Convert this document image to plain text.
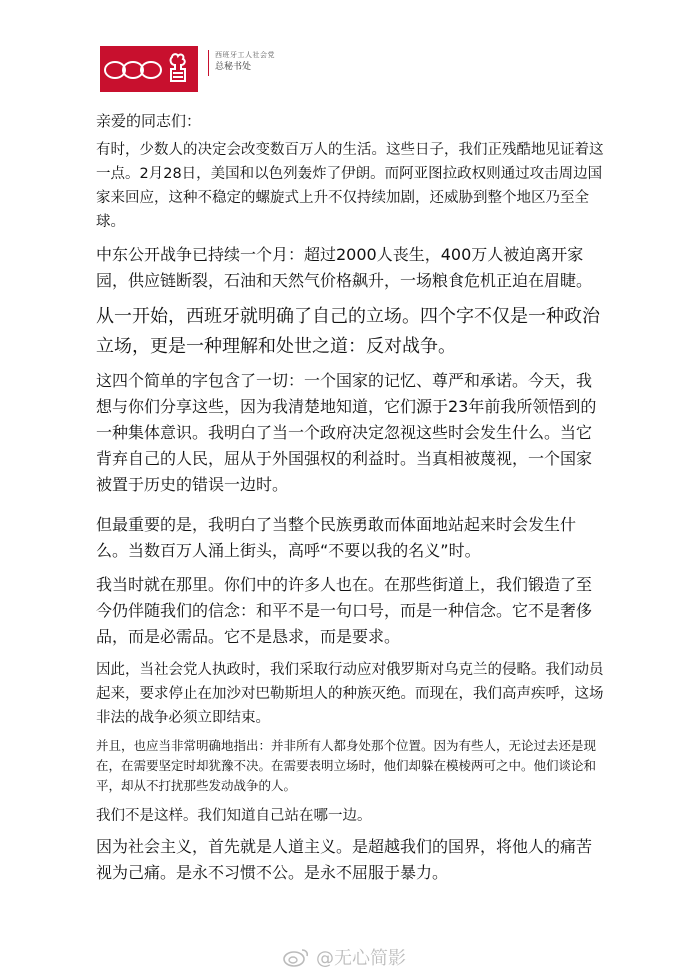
西班牙工人社会党
总秘书处

亲爱的同志们：

有时，少数人的决定会改变数百万人的生活。这些日子，我们正残酷地见证着这一点。2月28日，美国和以色列轰炸了伊朗。而阿亚图拉政权则通过攻击周边国家来回应，这种不稳定的螺旋式上升不仅持续加剧，还威胁到整个地区乃至全球。

中东公开战争已持续一个月：超过2000人丧生，400万人被迫离开家园，供应链断裂，石油和天然气价格飙升，一场粮食危机正迫在眉睫。

从一开始，西班牙就明确了自己的立场。四个字不仅是一种政治立场，更是一种理解和处世之道：反对战争。

这四个简单的字包含了一切：一个国家的记忆、尊严和承诺。今天，我想与你们分享这些，因为我清楚地知道，它们源于23年前我所领悟到的一种集体意识。我明白了当一个政府决定忽视这些时会发生什么。当它背弃自己的人民，屈从于外国强权的利益时。当真相被蔑视，一个国家被置于历史的错误一边时。

但最重要的是，我明白了当整个民族勇敢而体面地站起来时会发生什么。当数百万人涌上街头，高呼“不要以我的名义”时。

我当时就在那里。你们中的许多人也在。在那些街道上，我们锻造了至今仍伴随我们的信念：和平不是一句口号，而是一种信念。它不是奢侈品，而是必需品。它不是恳求，而是要求。

因此，当社会党人执政时，我们采取行动应对俄罗斯对乌克兰的侵略。我们动员起来，要求停止在加沙对巴勒斯坦人的种族灭绝。而现在，我们高声疾呼，这场非法的战争必须立即结束。

并且，也应当非常明确地指出：并非所有人都身处那个位置。因为有些人，无论过去还是现在，在需要坚定时却犹豫不决。在需要表明立场时，他们却躲在模棱两可之中。他们谈论和平，却从不打扰那些发动战争的人。

我们不是这样。我们知道自己站在哪一边。

因为社会主义，首先就是人道主义。是超越我们的国界，将他人的痛苦视为己痛。是永不习惯不公。是永不屈服于暴力。

@无心简影
